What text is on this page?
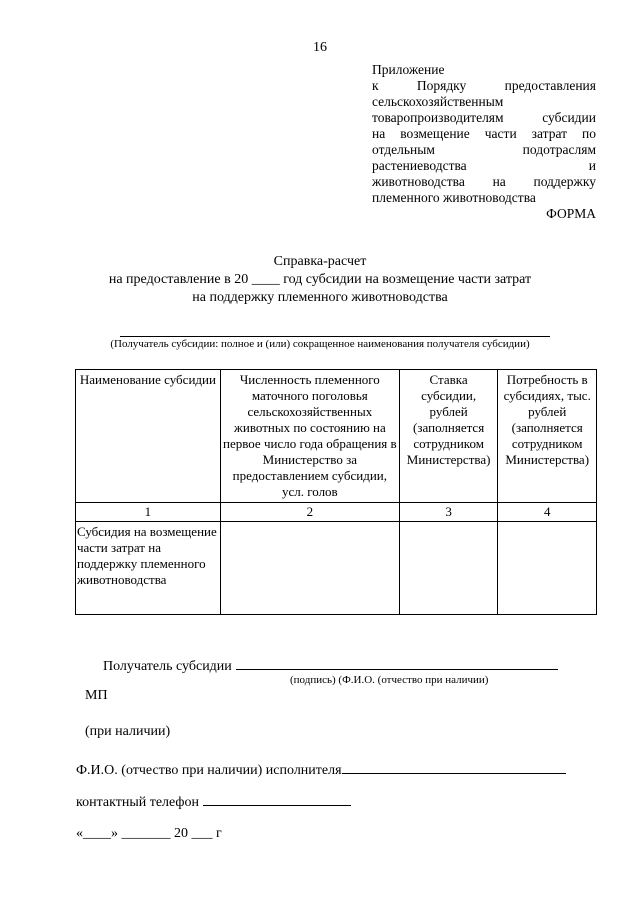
16
Приложение
к	Порядку	предоставления
сельскохозяйственным
товаропроизводителям	субсидии
на возмещение части затрат по
отдельным	подотраслям
растениеводства	и
животноводства на поддержку
племенного животноводства
ФОРМА
Справка-расчет
на предоставление в 20 ____ год субсидии на возмещение части затрат
на поддержку племенного животноводства
(Получатель субсидии: полное и (или) сокращенное наименования получателя субсидии)
Наименование субсидии	Численность племенного маточного поголовья сельскохозяйственных животных по состоянию на первое число года обращения в Министерство за предоставлением субсидии, усл. голов	Ставка субсидии, рублей (заполняется сотрудником Министерства)	Потребность в субсидиях, тыс. рублей (заполняется сотрудником Министерства)
1	2	3	4
Субсидия на возмещение части затрат на поддержку племенного животноводства			
Получатель субсидии
(подпись) (Ф.И.О. (отчество при наличии)
МП
(при наличии)
Ф.И.О. (отчество при наличии) исполнителя
контактный телефон
«____» _______ 20 ___ г
